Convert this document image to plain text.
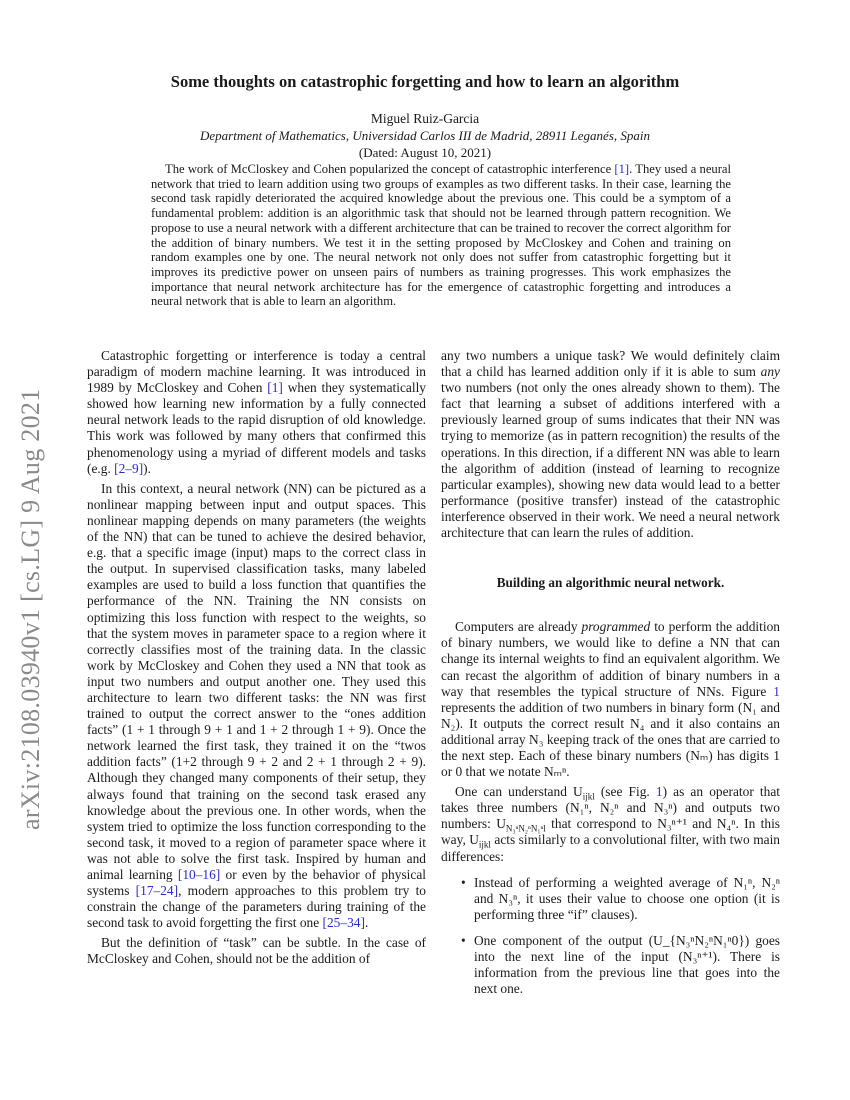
arXiv:2108.03940v1 [cs.LG] 9 Aug 2021
Some thoughts on catastrophic forgetting and how to learn an algorithm
Miguel Ruiz-Garcia
Department of Mathematics, Universidad Carlos III de Madrid, 28911 Leganés, Spain
(Dated: August 10, 2021)
The work of McCloskey and Cohen popularized the concept of catastrophic interference [1]. They used a neural network that tried to learn addition using two groups of examples as two different tasks. In their case, learning the second task rapidly deteriorated the acquired knowledge about the previous one. This could be a symptom of a fundamental problem: addition is an algorithmic task that should not be learned through pattern recognition. We propose to use a neural network with a different architecture that can be trained to recover the correct algorithm for the addition of binary numbers. We test it in the setting proposed by McCloskey and Cohen and training on random examples one by one. The neural network not only does not suffer from catastrophic forgetting but it improves its predictive power on unseen pairs of numbers as training progresses. This work emphasizes the importance that neural network architecture has for the emergence of catastrophic forgetting and introduces a neural network that is able to learn an algorithm.

Catastrophic forgetting or interference is today a central paradigm of modern machine learning. It was introduced in 1989 by McCloskey and Cohen [1] when they systematically showed how learning new information by a fully connected neural network leads to the rapid disruption of old knowledge. This work was followed by many others that confirmed this phenomenology using a myriad of different models and tasks (e.g. [2–9]).

In this context, a neural network (NN) can be pictured as a nonlinear mapping between input and output spaces. This nonlinear mapping depends on many parameters (the weights of the NN) that can be tuned to achieve the desired behavior, e.g. that a specific image (input) maps to the correct class in the output. In supervised classification tasks, many labeled examples are used to build a loss function that quantifies the performance of the NN. Training the NN consists on optimizing this loss function with respect to the weights, so that the system moves in parameter space to a region where it correctly classifies most of the training data. In the classic work by McCloskey and Cohen they used a NN that took as input two numbers and output another one. They used this architecture to learn two different tasks: the NN was first trained to output the correct answer to the “ones addition facts” (1 + 1 through 9 + 1 and 1 + 2 through 1 + 9). Once the network learned the first task, they trained it on the “twos addition facts” (1+2 through 9 + 2 and 2 + 1 through 2 + 9). Although they changed many components of their setup, they always found that training on the second task erased any knowledge about the previous one. In other words, when the system tried to optimize the loss function corresponding to the second task, it moved to a region of parameter space where it was not able to solve the first task. Inspired by human and animal learning [10–16] or even by the behavior of physical systems [17–24], modern approaches to this problem try to constrain the change of the parameters during training of the second task to avoid forgetting the first one [25–34].

But the definition of “task” can be subtle. In the case of McCloskey and Cohen, should not be the addition of

any two numbers a unique task? We would definitely claim that a child has learned addition only if it is able to sum any two numbers (not only the ones already shown to them). The fact that learning a subset of additions interfered with a previously learned group of sums indicates that their NN was trying to memorize (as in pattern recognition) the results of the operations. In this direction, if a different NN was able to learn the algorithm of addition (instead of learning to recognize particular examples), showing new data would lead to a better performance (positive transfer) instead of the catastrophic interference observed in their work. We need a neural network architecture that can learn the rules of addition.

Building an algorithmic neural network.

Computers are already programmed to perform the addition of binary numbers, we would like to define a NN that can change its internal weights to find an equivalent algorithm. We can recast the algorithm of addition of binary numbers in a way that resembles the typical structure of NNs. Figure 1 represents the addition of two numbers in binary form (N₁ and N₂). It outputs the correct result N₄ and it also contains an additional array N₃ keeping track of the ones that are carried to the next step. Each of these binary numbers (Nₘ) has digits 1 or 0 that we notate Nₘⁿ.

One can understand $U_{ijkl}$ (see Fig. 1) as an operator that takes three numbers (N₁ⁿ, N₂ⁿ and N₃ⁿ) and outputs two numbers: $U_{N_3^nN_2^nN_1^nl}$ that correspond to N₃ⁿ⁺¹ and N₄ⁿ. In this way, $U_{ijkl}$ acts similarly to a convolutional filter, with two main differences:

• Instead of performing a weighted average of N₁ⁿ, N₂ⁿ and N₃ⁿ, it uses their value to choose one option (it is performing three “if” clauses).
• One component of the output (U_{N₃ⁿN₂ⁿN₁ⁿ0}) goes into the next line of the input (N₃ⁿ⁺¹). There is information from the previous line that goes into the next one.
